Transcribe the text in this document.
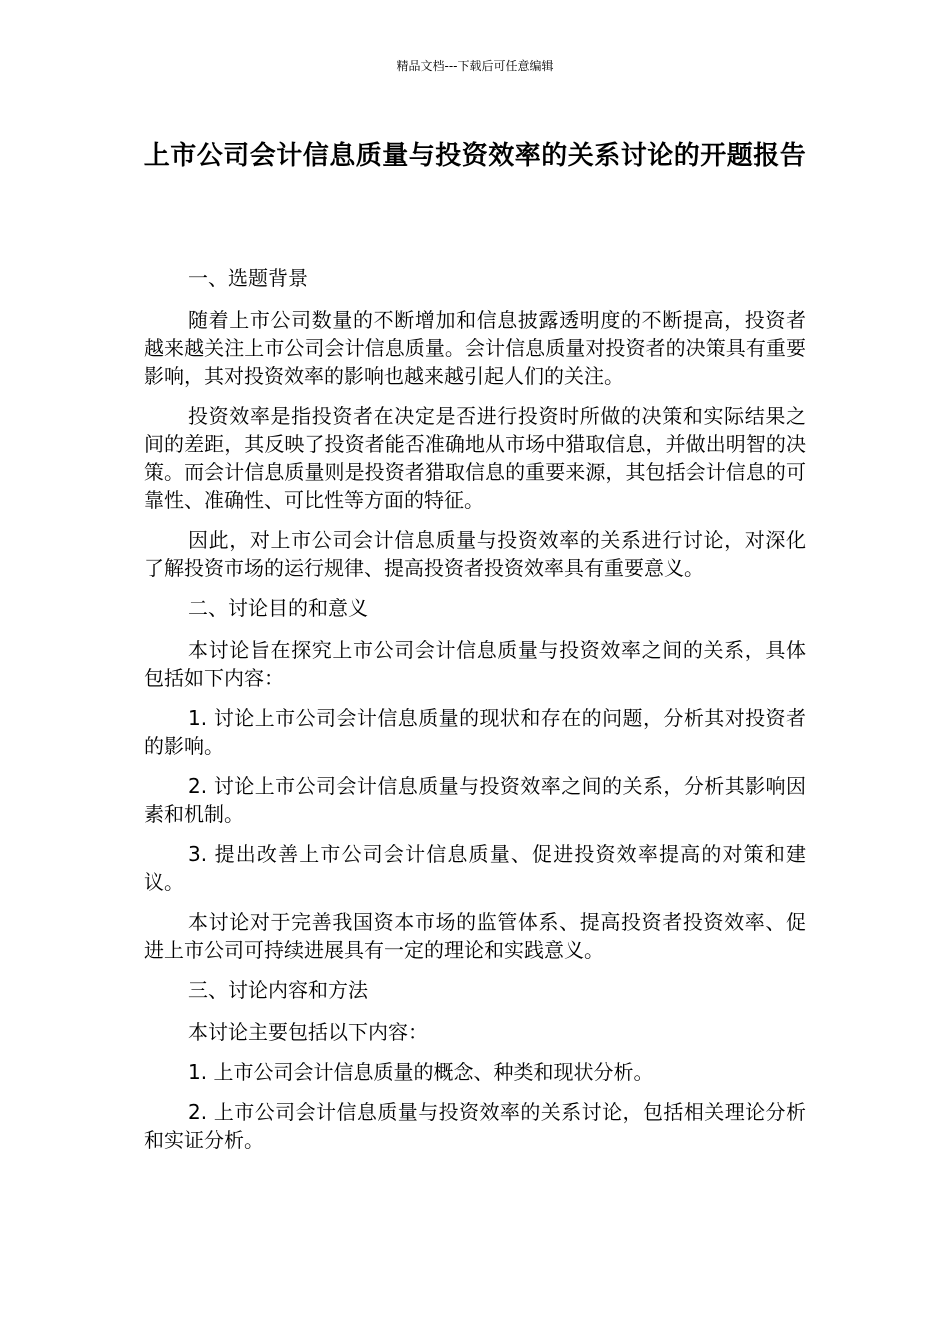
精品文档---下载后可任意编辑
上市公司会计信息质量与投资效率的关系讨论的开题报告

一、选题背景

随着上市公司数量的不断增加和信息披露透明度的不断提高，投资者越来越关注上市公司会计信息质量。会计信息质量对投资者的决策具有重要影响，其对投资效率的影响也越来越引起人们的关注。

投资效率是指投资者在决定是否进行投资时所做的决策和实际结果之间的差距，其反映了投资者能否准确地从市场中猎取信息，并做出明智的决策。而会计信息质量则是投资者猎取信息的重要来源，其包括会计信息的可靠性、准确性、可比性等方面的特征。

因此，对上市公司会计信息质量与投资效率的关系进行讨论，对深化了解投资市场的运行规律、提高投资者投资效率具有重要意义。

二、讨论目的和意义

本讨论旨在探究上市公司会计信息质量与投资效率之间的关系，具体包括如下内容：

1. 讨论上市公司会计信息质量的现状和存在的问题，分析其对投资者的影响。

2. 讨论上市公司会计信息质量与投资效率之间的关系，分析其影响因素和机制。

3. 提出改善上市公司会计信息质量、促进投资效率提高的对策和建议。

本讨论对于完善我国资本市场的监管体系、提高投资者投资效率、促进上市公司可持续进展具有一定的理论和实践意义。

三、讨论内容和方法

本讨论主要包括以下内容：

1. 上市公司会计信息质量的概念、种类和现状分析。

2. 上市公司会计信息质量与投资效率的关系讨论，包括相关理论分析和实证分析。
